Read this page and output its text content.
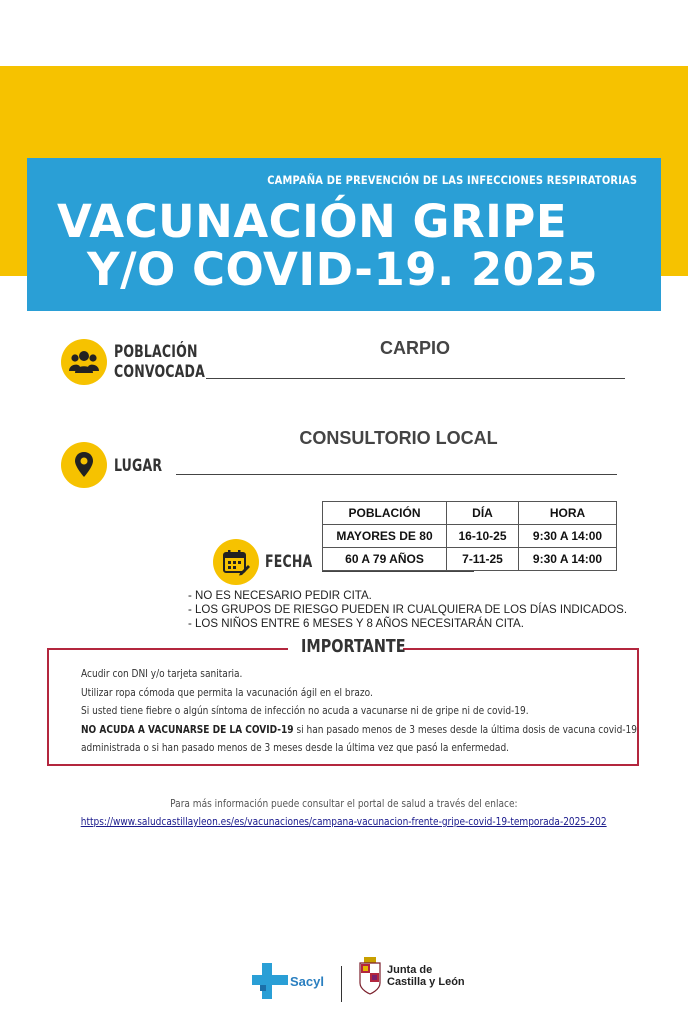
CAMPAÑA DE PREVENCIÓN DE LAS INFECCIONES RESPIRATORIAS
VACUNACIÓN GRIPE
Y/O COVID-19. 2025
POBLACIÓN
CONVOCADA
CARPIO
LUGAR
CONSULTORIO LOCAL
FECHA
POBLACIÓN	DÍA	HORA
MAYORES DE 80	16-10-25	9:30 A 14:00
60 A 79 AÑOS	7-11-25	9:30 A 14:00
- NO ES NECESARIO PEDIR CITA.
- LOS GRUPOS DE RIESGO PUEDEN IR CUALQUIERA DE LOS DÍAS INDICADOS.
- LOS NIÑOS ENTRE 6 MESES Y 8 AÑOS NECESITARÁN CITA.
IMPORTANTE
Acudir con DNI y/o tarjeta sanitaria.
Utilizar ropa cómoda que permita la vacunación ágil en el brazo.
Si usted tiene fiebre o algún síntoma de infección no acuda a vacunarse ni de gripe ni de covid-19.
NO ACUDA A VACUNARSE DE LA COVID-19 si han pasado menos de 3 meses desde la última dosis de vacuna covid-19
administrada o si han pasado menos de 3 meses desde la última vez que pasó la enfermedad.
Para más información puede consultar el portal de salud a través del enlace:
https://www.saludcastillayleon.es/es/vacunaciones/campana-vacunacion-frente-gripe-covid-19-temporada-2025-202
Sacyl
Junta de
Castilla y León
